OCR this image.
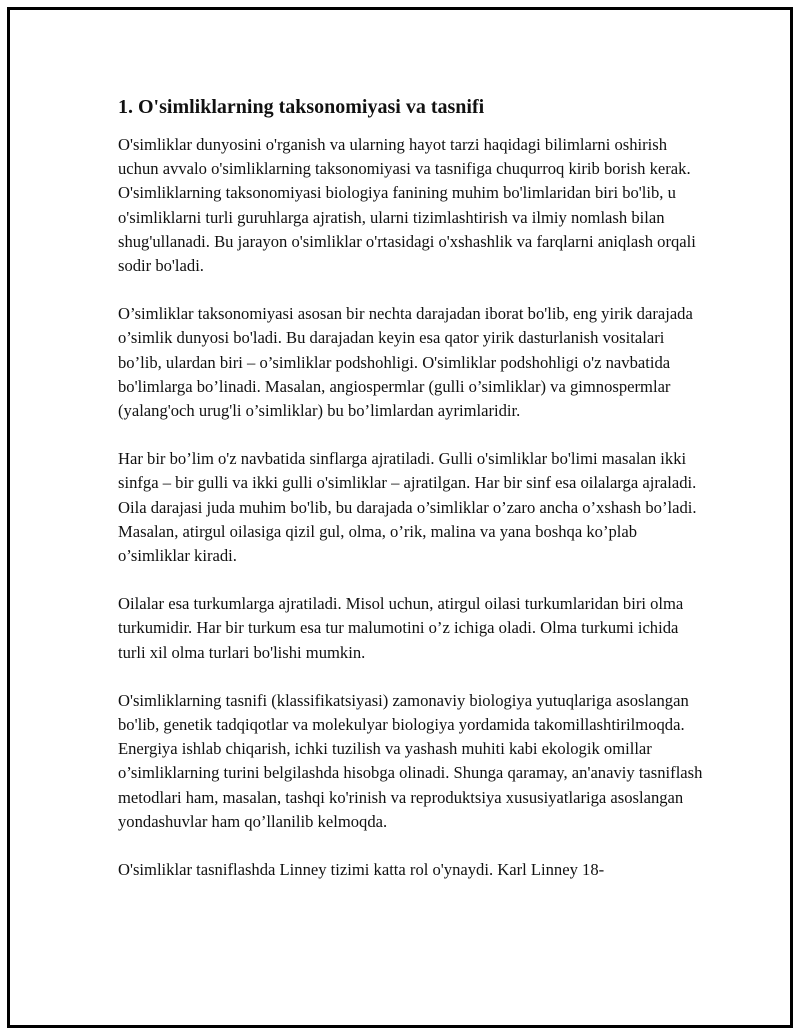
1. O'simliklarning taksonomiyasi va tasnifi

O'simliklar dunyosini o'rganish va ularning hayot tarzi haqidagi bilimlarni oshirish uchun avvalo o'simliklarning taksonomiyasi va tasnifiga chuqurroq kirib borish kerak. O'simliklarning taksonomiyasi biologiya fanining muhim bo'limlaridan biri bo'lib, u o'simliklarni turli guruhlarga ajratish, ularni tizimlashtirish va ilmiy nomlash bilan shug'ullanadi. Bu jarayon o'simliklar o'rtasidagi o'xshashlik va farqlarni aniqlash orqali sodir bo'ladi.

O’simliklar taksonomiyasi asosan bir nechta darajadan iborat bo'lib, eng yirik darajada o’simlik dunyosi bo'ladi. Bu darajadan keyin esa qator yirik dasturlanish vositalari bo’lib, ulardan biri – o’simliklar podshohligi. O'simliklar podshohligi o'z navbatida bo'limlarga bo’linadi. Masalan, angiospermlar (gulli o’simliklar) va gimnospermlar (yalang'och urug'li o’simliklar) bu bo’limlardan ayrimlaridir.

Har bir bo’lim o'z navbatida sinflarga ajratiladi. Gulli o'simliklar bo'limi masalan ikki sinfga – bir gulli va ikki gulli o'simliklar – ajratilgan. Har bir sinf esa oilalarga ajraladi. Oila darajasi juda muhim bo'lib, bu darajada o’simliklar o’zaro ancha o’xshash bo’ladi. Masalan, atirgul oilasiga qizil gul, olma, o’rik, malina va yana boshqa ko’plab o’simliklar kiradi.

Oilalar esa turkumlarga ajratiladi. Misol uchun, atirgul oilasi turkumlaridan biri olma turkumidir. Har bir turkum esa tur malumotini o’z ichiga oladi. Olma turkumi ichida turli xil olma turlari bo'lishi mumkin.

O'simliklarning tasnifi (klassifikatsiyasi) zamonaviy biologiya yutuqlariga asoslangan bo'lib, genetik tadqiqotlar va molekulyar biologiya yordamida takomillashtirilmoqda. Energiya ishlab chiqarish, ichki tuzilish va yashash muhiti kabi ekologik omillar o’simliklarning turini belgilashda hisobga olinadi. Shunga qaramay, an'anaviy tasniflash metodlari ham, masalan, tashqi ko'rinish va reproduktsiya xususiyatlariga asoslangan yondashuvlar ham qo’llanilib kelmoqda.

O'simliklar tasniflashda Linney tizimi katta rol o'ynaydi. Karl Linney 18-
